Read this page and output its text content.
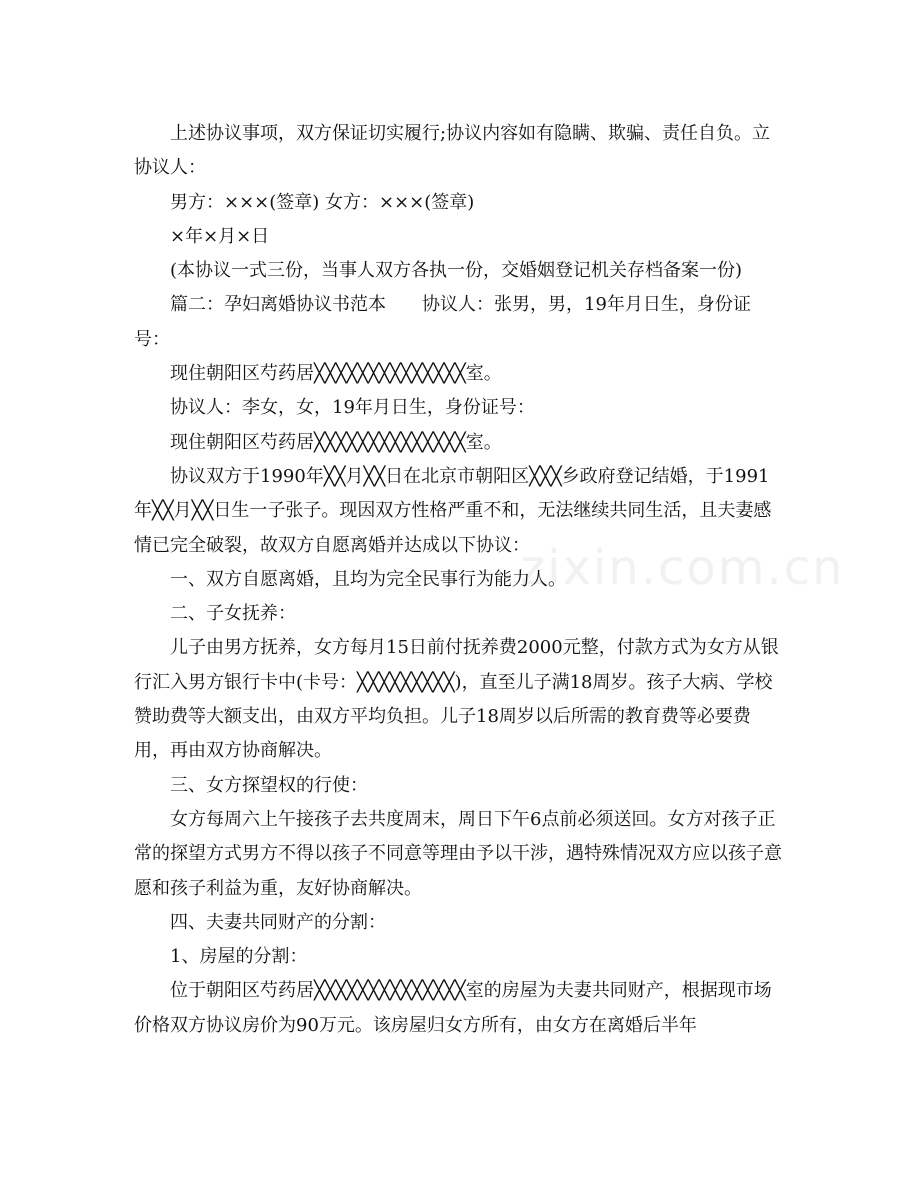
zixin.com.cn

上述协议事项，双方保证切实履行;协议内容如有隐瞒、欺骗、责任自负。立协议人：

男方：×××(签章) 女方：×××(签章)

×年×月×日

(本协议一式三份，当事人双方各执一份，交婚姻登记机关存档备案一份)

篇二：孕妇离婚协议书范本　　协议人：张男，男，19年月日生，身份证号：

现住朝阳区芍药居╳╳╳╳╳╳╳╳╳╳╳╳╳╳室。

协议人：李女，女，19年月日生，身份证号：

现住朝阳区芍药居╳╳╳╳╳╳╳╳╳╳╳╳╳╳室。

协议双方于1990年╳╳月╳╳日在北京市朝阳区╳╳╳乡政府登记结婚，于1991年╳╳月╳╳日生一子张子。现因双方性格严重不和，无法继续共同生活，且夫妻感情已完全破裂，故双方自愿离婚并达成以下协议：

一、双方自愿离婚，且均为完全民事行为能力人。

二、子女抚养：

儿子由男方抚养，女方每月15日前付抚养费2000元整，付款方式为女方从银行汇入男方银行卡中(卡号：╳╳╳╳╳╳╳╳╳)，直至儿子满18周岁。孩子大病、学校赞助费等大额支出，由双方平均负担。儿子18周岁以后所需的教育费等必要费用，再由双方协商解决。

三、女方探望权的行使：

女方每周六上午接孩子去共度周末，周日下午6点前必须送回。女方对孩子正常的探望方式男方不得以孩子不同意等理由予以干涉，遇特殊情况双方应以孩子意愿和孩子利益为重，友好协商解决。

四、夫妻共同财产的分割：

1、房屋的分割：

位于朝阳区芍药居╳╳╳╳╳╳╳╳╳╳╳╳╳╳室的房屋为夫妻共同财产，根据现市场价格双方协议房价为90万元。该房屋归女方所有，由女方在离婚后半年
